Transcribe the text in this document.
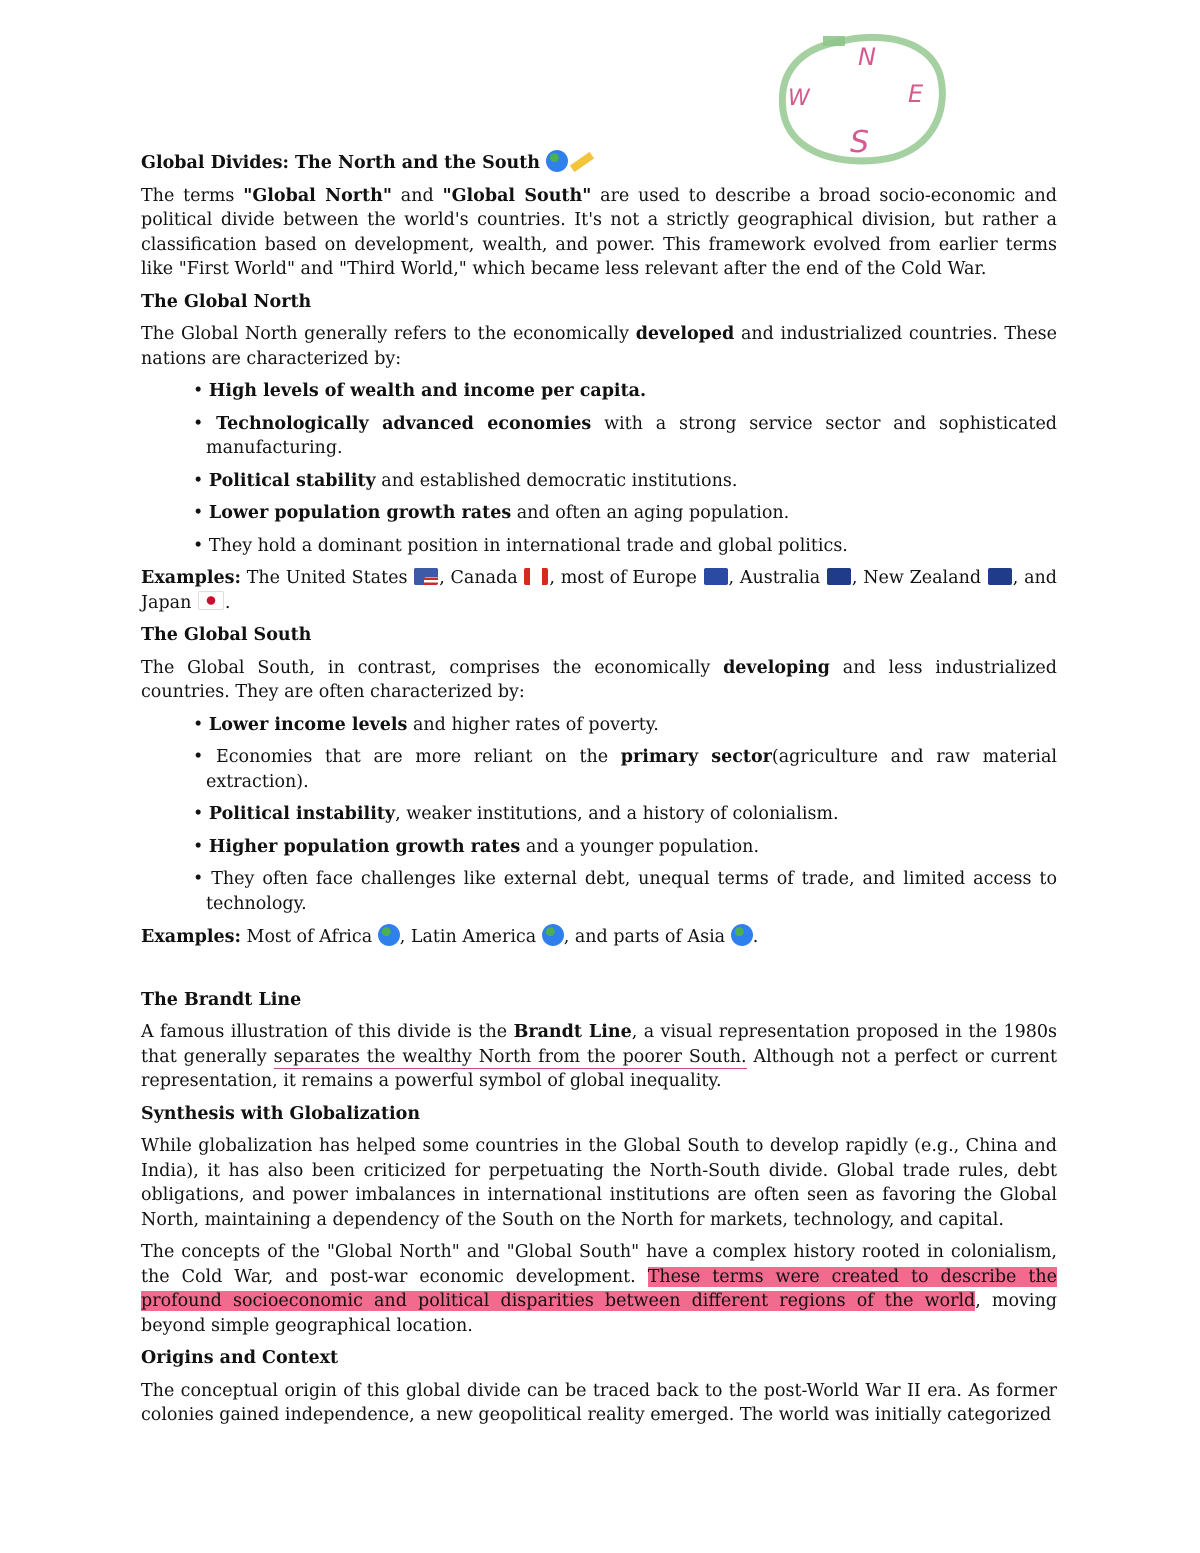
N
W	E
S
Global Divides: The North and the South

The terms "Global North" and "Global South" are used to describe a broad socio-economic and political divide between the world's countries. It's not a strictly geographical division, but rather a classification based on development, wealth, and power. This framework evolved from earlier terms like "First World" and "Third World," which became less relevant after the end of the Cold War.

The Global North

The Global North generally refers to the economically developed and industrialized countries. These nations are characterized by:

• High levels of wealth and income per capita.
• Technologically advanced economies with a strong service sector and sophisticated manufacturing.
• Political stability and established democratic institutions.
• Lower population growth rates and often an aging population.
• They hold a dominant position in international trade and global politics.

Examples: The United States , Canada , most of Europe , Australia , New Zealand , and Japan .

The Global South

The Global South, in contrast, comprises the economically developing and less industrialized countries. They are often characterized by:

• Lower income levels and higher rates of poverty.
• Economies that are more reliant on the primary sector(agriculture and raw material extraction).
• Political instability, weaker institutions, and a history of colonialism.
• Higher population growth rates and a younger population.
• They often face challenges like external debt, unequal terms of trade, and limited access to technology.

Examples: Most of Africa , Latin America , and parts of Asia .

The Brandt Line

A famous illustration of this divide is the Brandt Line, a visual representation proposed in the 1980s that generally separates the wealthy North from the poorer South. Although not a perfect or current representation, it remains a powerful symbol of global inequality.

Synthesis with Globalization

While globalization has helped some countries in the Global South to develop rapidly (e.g., China and India), it has also been criticized for perpetuating the North-South divide. Global trade rules, debt obligations, and power imbalances in international institutions are often seen as favoring the Global North, maintaining a dependency of the South on the North for markets, technology, and capital.

The concepts of the "Global North" and "Global South" have a complex history rooted in colonialism, the Cold War, and post-war economic development. These terms were created to describe the profound socioeconomic and political disparities between different regions of the world, moving beyond simple geographical location.

Origins and Context

The conceptual origin of this global divide can be traced back to the post-World War II era. As former colonies gained independence, a new geopolitical reality emerged. The world was initially categorized
